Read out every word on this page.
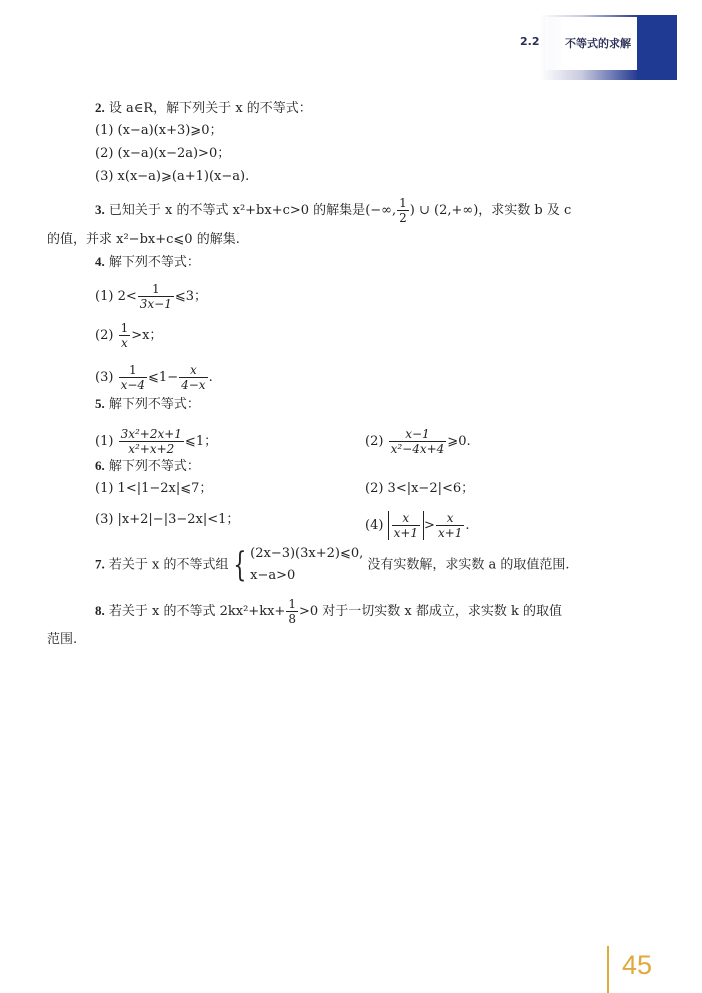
2.2 不等式的求解
2. 设 a∈R，解下列关于 x 的不等式：
(1) (x−a)(x+3)⩾0；
(2) (x−a)(x−2a)>0；
(3) x(x−a)⩾(a+1)(x−a).
3. 已知关于 x 的不等式 x²+bx+c>0 的解集是(−∞, $\frac{1}{2}$ ) ∪ (2,+∞)，求实数 b 及 c
的值，并求 x²−bx+c⩽0 的解集.
4. 解下列不等式：
(1) $2< \frac{1}{3x-1}$ ⩽3；
$(2) \frac{1}{x} >x$；
$(3) \frac{1}{x-4}$ ⩽1− $\frac{x}{4-x}$ .
5. 解下列不等式：
$(1) \frac{\text{3x²+2x+1}}{\text{x²+x+2}}$ ⩽1；	$(2) \frac{x-1}{\text{x²−4x+4}}$ ⩾0.
6. 解下列不等式：
(1) 1<|1−2x|⩽7；	(2) 3<|x−2|<6；
(3) |x+2|−|3−2x|<1；	$(4) \frac{x}{x+1} > \frac{x}{x+1}$ .
7. 若关于 x 的不等式组 { (2x−3)(3x+2)⩽0,
x−a>0
没有实数解，求实数 a 的取值范围.
8. 若关于 x 的不等式 $2kx^2+kx+ \frac{1}{8} >0$ 对于一切实数 x 都成立，求实数 k 的取值
范围.
45
